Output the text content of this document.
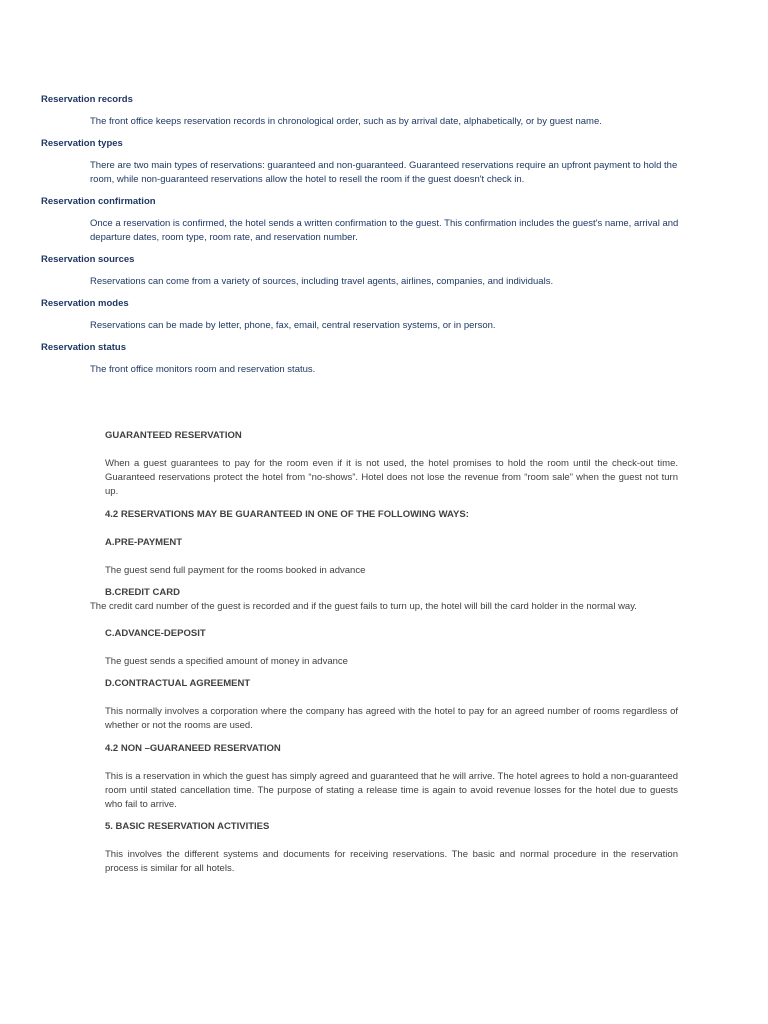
Reservation records
The front office keeps reservation records in chronological order, such as by arrival date, alphabetically, or by guest name.
Reservation types
There are two main types of reservations: guaranteed and non-guaranteed. Guaranteed reservations require an upfront payment to hold the room, while non-guaranteed reservations allow the hotel to resell the room if the guest doesn't check in.
Reservation confirmation
Once a reservation is confirmed, the hotel sends a written confirmation to the guest. This confirmation includes the guest's name, arrival and departure dates, room type, room rate, and reservation number.
Reservation sources
Reservations can come from a variety of sources, including travel agents, airlines, companies, and individuals.
Reservation modes
Reservations can be made by letter, phone, fax, email, central reservation systems, or in person.
Reservation status
The front office monitors room and reservation status.
GUARANTEED RESERVATION
When a guest guarantees to pay for the room even if it is not used, the hotel promises to hold the room until the check-out time. Guaranteed reservations protect the hotel from “no-shows”. Hotel does not lose the revenue from “room sale” when the guest not turn up.
4.2 RESERVATIONS MAY BE GUARANTEED IN ONE OF THE FOLLOWING WAYS:
A.PRE-PAYMENT
The guest send full payment for the rooms booked in advance
B.CREDIT CARD
The credit card number of the guest is recorded and if the guest fails to turn up, the hotel will bill the card holder in the normal way.
C.ADVANCE-DEPOSIT
The guest sends a specified amount of money in advance
D.CONTRACTUAL AGREEMENT
This normally involves a corporation where the company has agreed with the hotel to pay for an agreed number of rooms regardless of whether or not the rooms are used.
4.2 NON –GUARANEED RESERVATION
This is a reservation in which the guest has simply agreed and guaranteed that he will arrive. The hotel agrees to hold a non-guaranteed room until stated cancellation time. The purpose of stating a release time is again to avoid revenue losses for the hotel due to guests who fail to arrive.
5. BASIC RESERVATION ACTIVITIES
This involves the different systems and documents for receiving reservations. The basic and normal procedure in the reservation process is similar for all hotels.
